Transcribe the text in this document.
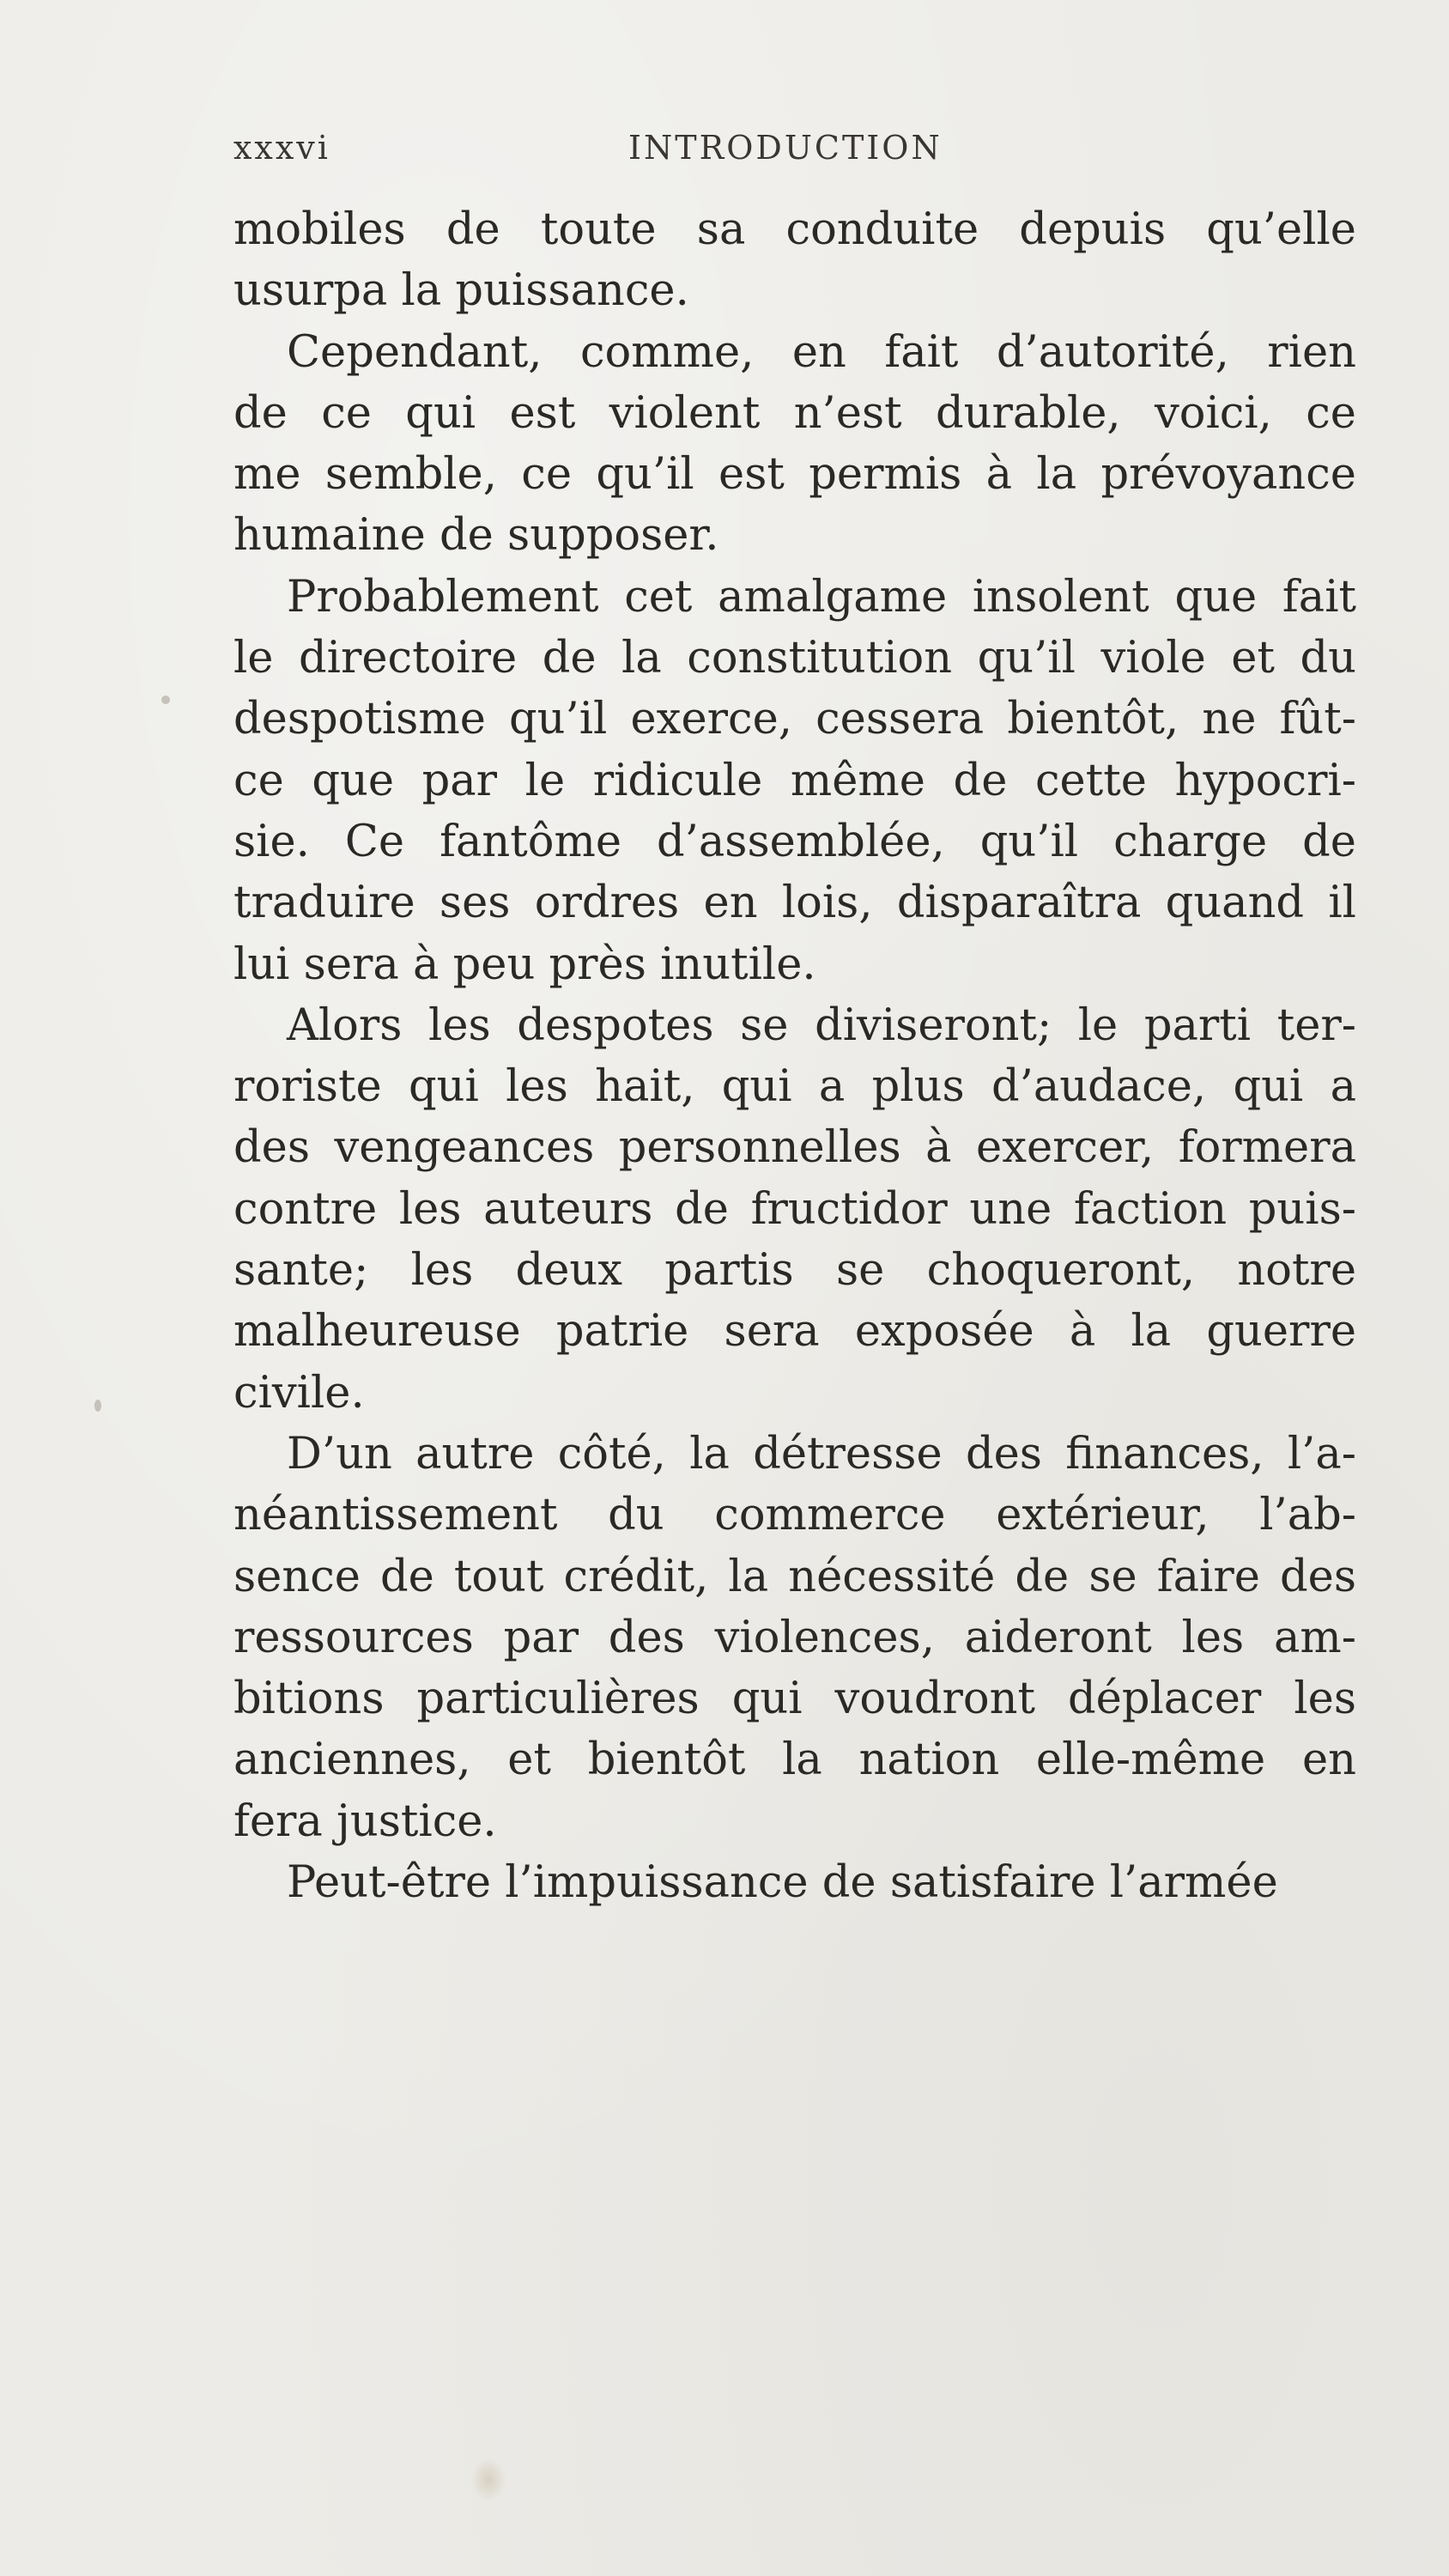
xxxvi	INTRODUCTION
mobiles de toute sa conduite depuis qu’elle
usurpa la puissance.
Cependant, comme, en fait d’autorité, rien
de ce qui est violent n’est durable, voici, ce
me semble, ce qu’il est permis à la prévoyance
humaine de supposer.
Probablement cet amalgame insolent que fait
le directoire de la constitution qu’il viole et du
despotisme qu’il exerce, cessera bientôt, ne fût-
ce que par le ridicule même de cette hypocri-
sie. Ce fantôme d’assemblée, qu’il charge de
traduire ses ordres en lois, disparaîtra quand il
lui sera à peu près inutile.
Alors les despotes se diviseront; le parti ter-
roriste qui les hait, qui a plus d’audace, qui a
des vengeances personnelles à exercer, formera
contre les auteurs de fructidor une faction puis-
sante; les deux partis se choqueront, notre
malheureuse patrie sera exposée à la guerre
civile.
D’un autre côté, la détresse des finances, l’a-
néantissement du commerce extérieur, l’ab-
sence de tout crédit, la nécessité de se faire des
ressources par des violences, aideront les am-
bitions particulières qui voudront déplacer les
anciennes, et bientôt la nation elle-même en
fera justice.
Peut-être l’impuissance de satisfaire l’armée
